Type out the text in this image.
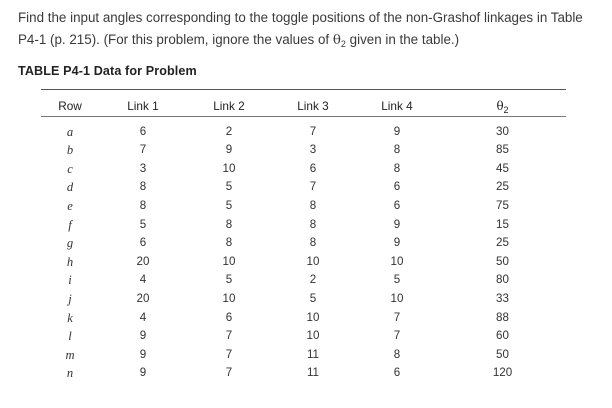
Find the input angles corresponding to the toggle positions of the non-Grashof linkages in Table

P4-1 (p. 215). (For this problem, ignore the values of $\theta_2$ given in the table.)

TABLE P4-1 Data for Problem
Row	Link 1	Link 2	Link 3	Link 4	$\theta_2$
a	6	2	7	9	30
b	7	9	3	8	85
c	3	10	6	8	45
d	8	5	7	6	25
e	8	5	8	6	75
f	5	8	8	9	15
g	6	8	8	9	25
h	20	10	10	10	50
i	4	5	2	5	80
j	20	10	5	10	33
k	4	6	10	7	88
l	9	7	10	7	60
m	9	7	11	8	50
n	9	7	11	6	120
